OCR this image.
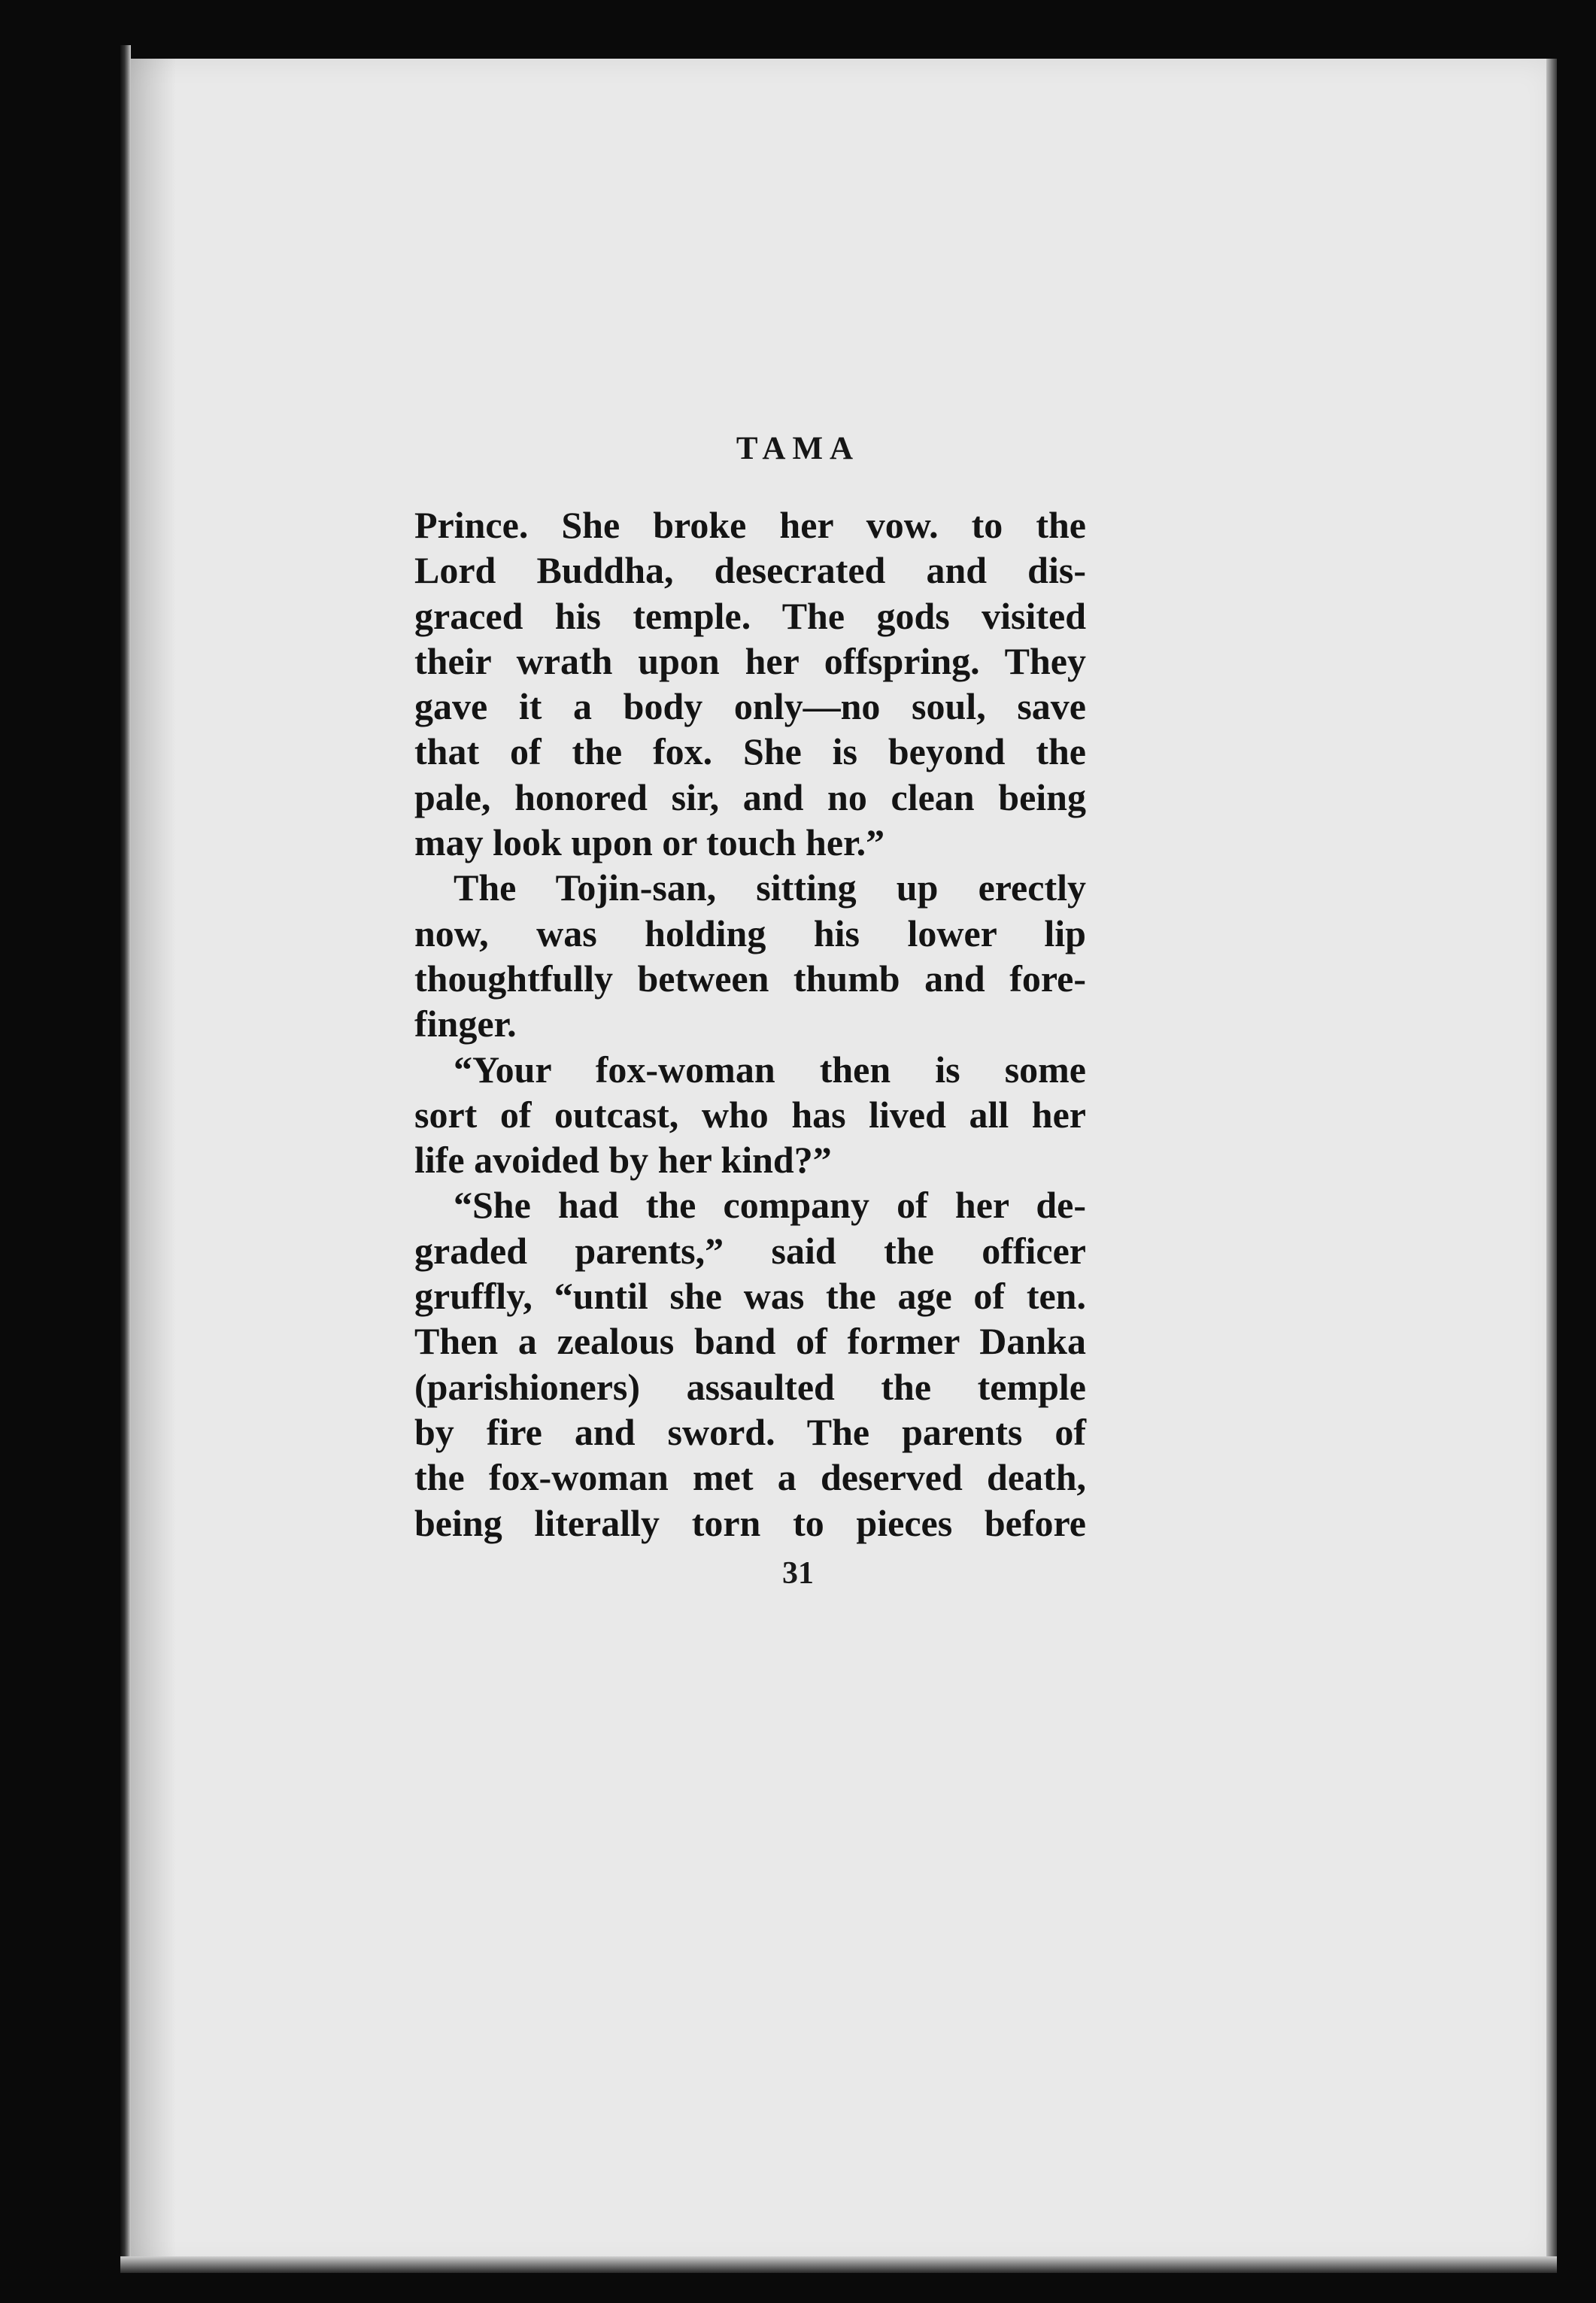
TAMA
Prince. She broke her vow. to the
Lord Buddha, desecrated and dis-
graced his temple. The gods visited
their wrath upon her offspring. They
gave it a body only—no soul, save
that of the fox. She is beyond the
pale, honored sir, and no clean being
may look upon or touch her.”
The Tojin-san, sitting up erectly
now, was holding his lower lip
thoughtfully between thumb and fore-
finger.
“Your fox-woman then is some
sort of outcast, who has lived all her
life avoided by her kind?”
“She had the company of her de-
graded parents,” said the officer
gruffly, “until she was the age of ten.
Then a zealous band of former Danka
(parishioners) assaulted the temple
by fire and sword. The parents of
the fox-woman met a deserved death,
being literally torn to pieces before
31
